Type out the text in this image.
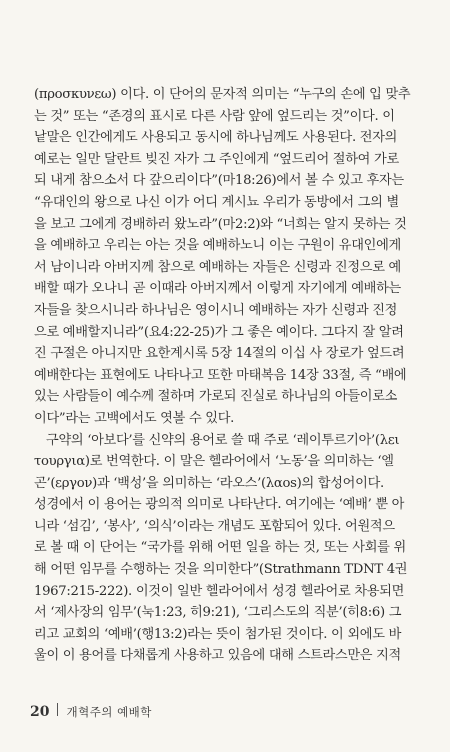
(προσκυνεω) 이다. 이 단어의 문자적 의미는 “누구의 손에 입 맞추
는 것” 또는 “존경의 표시로 다른 사람 앞에 엎드리는 것”이다. 이
낱말은 인간에게도 사용되고 동시에 하나님께도 사용된다. 전자의
예로는 일만 달란트 빚진 자가 그 주인에게 “엎드리어 절하여 가로
되 내게 참으소서 다 갚으리이다”(마18:26)에서 볼 수 있고 후자는
“유대인의 왕으로 나신 이가 어디 계시뇨 우리가 동방에서 그의 별
을 보고 그에게 경배하러 왔노라”(마2:2)와 “너희는 알지 못하는 것
을 예배하고 우리는 아는 것을 예배하노니 이는 구원이 유대인에게
서 남이니라 아버지께 참으로 예배하는 자들은 신령과 진정으로 예
배할 때가 오나니 곧 이때라 아버지께서 이렇게 자기에게 예배하는
자들을 찾으시니라 하나님은 영이시니 예배하는 자가 신령과 진정
으로 예배할지니라”(요4:22-25)가 그 좋은 예이다. 그다지 잘 알려
진 구절은 아니지만 요한계시록 5장 14절의 이십 사 장로가 엎드려
예배한다는 표현에도 나타나고 또한 마태복음 14장 33절, 즉 “배에
있는 사람들이 예수께 절하며 가로되 진실로 하나님의 아들이로소
이다”라는 고백에서도 엿볼 수 있다.
구약의 ‘아보다’를 신약의 용어로 쓸 때 주로 ‘레이투르기아’(λει
τουργια)로 번역한다. 이 말은 헬라어에서 ‘노동’을 의미하는 ‘엘
곤’(εργον)과 ‘백성’을 의미하는 ‘라오스’(λαοs)의 합성어이다.
성경에서 이 용어는 광의적 의미로 나타난다. 여기에는 ‘예배’ 뿐 아
니라 ‘섬김’, ‘봉사’, ‘의식’이라는 개념도 포함되어 있다. 어원적으
로 볼 때 이 단어는 “국가를 위해 어떤 일을 하는 것, 또는 사회를 위
해 어떤 임무를 수행하는 것을 의미한다”(Strathmann TDNT 4권
1967:215-222). 이것이 일반 헬라어에서 성경 헬라어로 차용되면
서 ‘제사장의 임무’(눅1:23, 히9:21), ‘그리스도의 직분’(히8:6) 그
리고 교회의 ‘예배’(행13:2)라는 뜻이 첨가된 것이다. 이 외에도 바
울이 이 용어를 다채롭게 사용하고 있음에 대해 스트라스만은 지적
20 개혁주의 예배학
